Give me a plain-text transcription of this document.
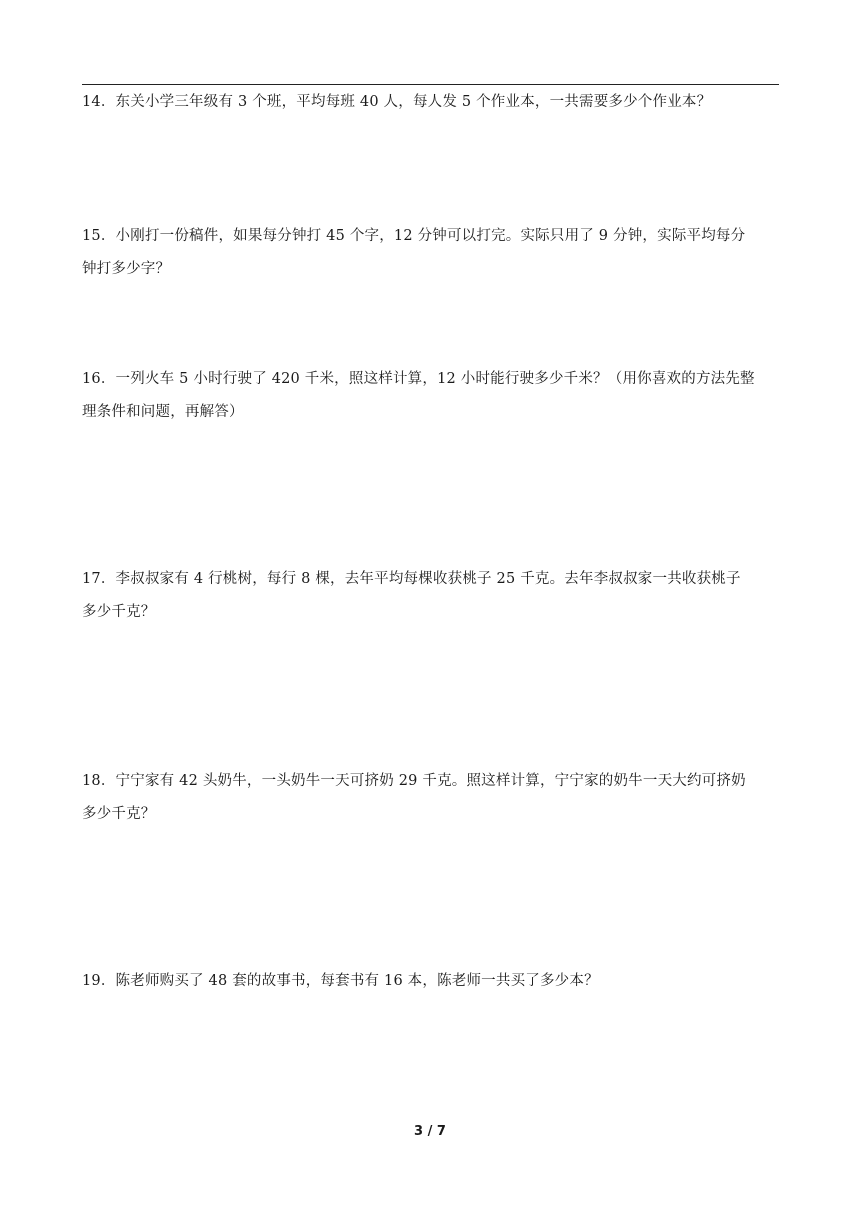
14．东关小学三年级有 3 个班，平均每班 40 人，每人发 5 个作业本，一共需要多少个作业本？
15．小刚打一份稿件，如果每分钟打 45 个字，12 分钟可以打完。实际只用了 9 分钟，实际平均每分
钟打多少字？
16．一列火车 5 小时行驶了 420 千米，照这样计算，12 小时能行驶多少千米？（用你喜欢的方法先整
理条件和问题，再解答）
17．李叔叔家有 4 行桃树，每行 8 棵，去年平均每棵收获桃子 25 千克。去年李叔叔家一共收获桃子
多少千克？
18．宁宁家有 42 头奶牛，一头奶牛一天可挤奶 29 千克。照这样计算，宁宁家的奶牛一天大约可挤奶
多少千克？
19．陈老师购买了 48 套的故事书，每套书有 16 本，陈老师一共买了多少本？
3 / 7
